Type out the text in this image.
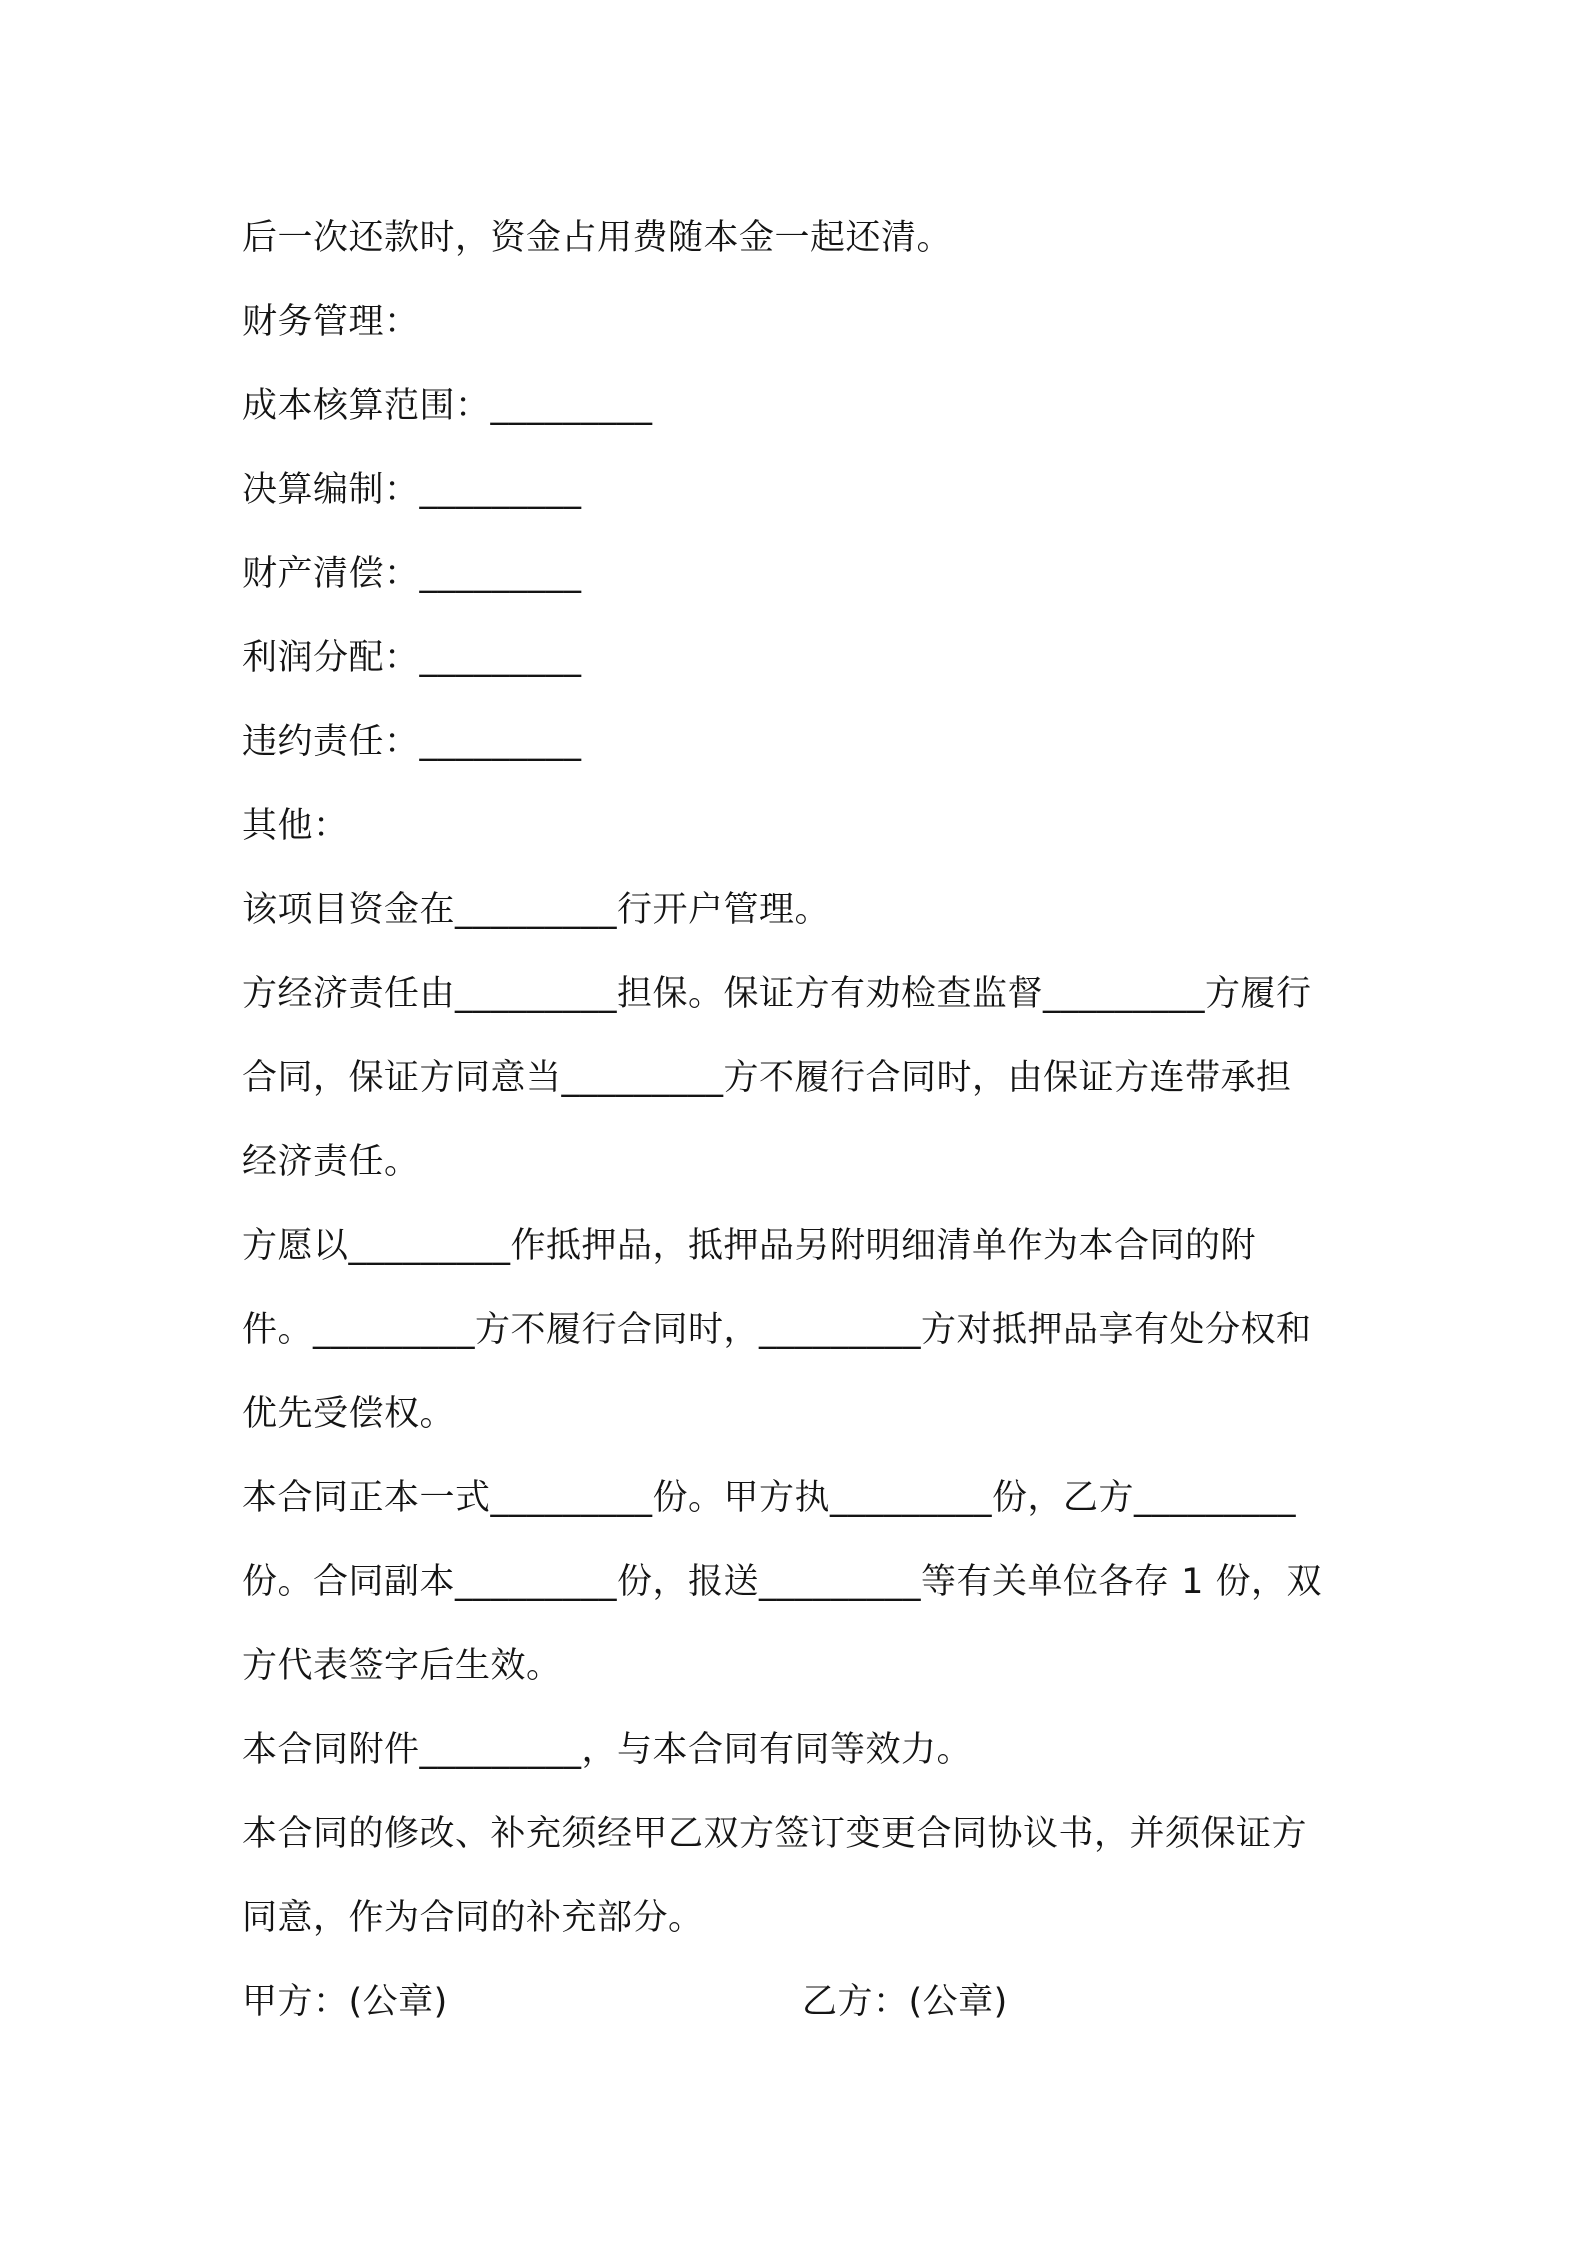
后一次还款时，资金占用费随本金一起还清。
财务管理：
成本核算范围：_________
决算编制：_________
财产清偿：_________
利润分配：_________
违约责任：_________
其他：
该项目资金在_________行开户管理。
方经济责任由_________担保。保证方有劝检查监督_________方履行
合同，保证方同意当_________方不履行合同时，由保证方连带承担
经济责任。
方愿以_________作抵押品，抵押品另附明细清单作为本合同的附
件。_________方不履行合同时，_________方对抵押品享有处分权和
优先受偿权。
本合同正本一式_________份。甲方执_________份，乙方_________
份。合同副本_________份，报送_________等有关单位各存 1 份，双
方代表签字后生效。
本合同附件_________，与本合同有同等效力。
本合同的修改、补充须经甲乙双方签订变更合同协议书，并须保证方
同意，作为合同的补充部分。
甲方：(公章)	乙方：(公章)
